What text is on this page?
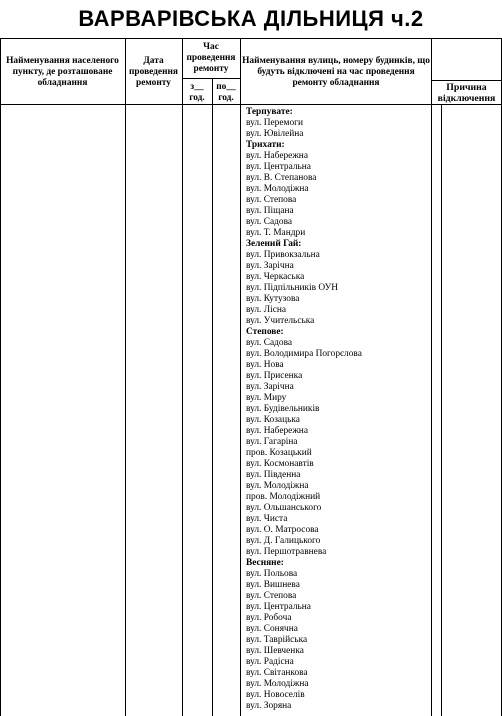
ВАРВАРІВСЬКА ДІЛЬНИЦЯ ч.2
Найменування населеного пункту, де розташоване обладнання
Дата проведення ремонту
Час проведення ремонту
з__ год.
по__ год.
Найменування вулиць, номеру будинків, що будуть відключені на час проведення ремонту обладнання	Причина відключення
Терпувате:
вул. Перемоги
вул. Ювілейна
Трихати:
вул. Набережна
вул. Центральна
вул. В. Степанова
вул. Молодіжна
вул. Степова
вул. Піщана
вул. Садова
вул. Т. Мандри
Зелений Гай:
вул. Привокзальна
вул. Зарічна
вул. Черкаська
вул. Підпільників ОУН
вул. Кутузова
вул. Лісна
вул. Учительська
Степове:
вул. Садова
вул. Володимира Погорєлова
вул. Нова
вул. Присенка
вул. Зарічна
вул. Миру
вул. Будівельників
вул. Козацька
вул. Набережна
вул. Гагаріна
пров. Козацький
вул. Космонавтів
вул. Південна
вул. Молодіжна
пров. Молодіжний
вул. Ольшанського
вул. Чиста
вул. О. Матросова
вул. Д. Галицького
вул. Першотравнева
Весняне:
вул. Польова
вул. Вишнева
вул. Степова
вул. Центральна
вул. Робоча
вул. Сонячна
вул. Таврійська
вул. Шевченка
вул. Радісна
вул. Світанкова
вул. Молодіжна
вул. Новоселів
вул. Зоряна
